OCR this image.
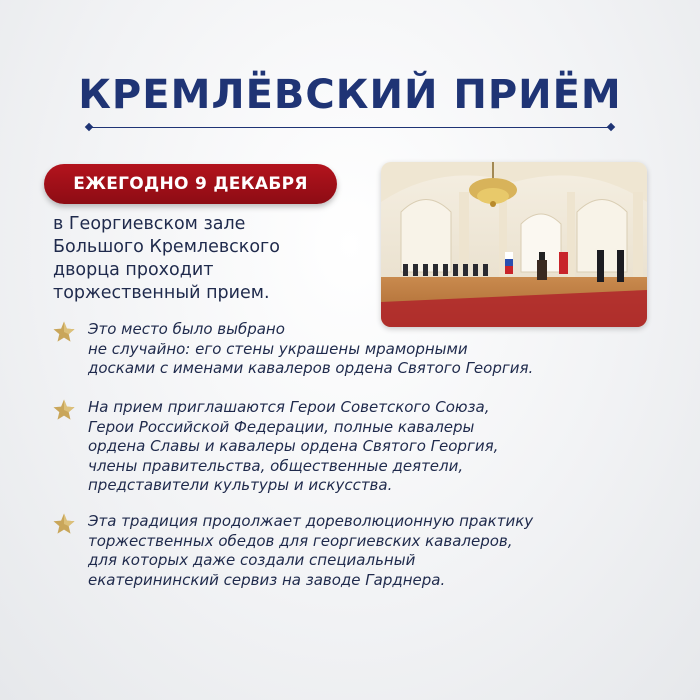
КРЕМЛЁВСКИЙ ПРИЁМ
ЕЖЕГОДНО 9 ДЕКАБРЯ
в Георгиевском зале
Большого Кремлевского
дворца проходит
торжественный прием.
Это место было выбрано
не случайно: его стены украшены мраморными
досками с именами кавалеров ордена Святого Георгия.
На прием приглашаются Герои Советского Союза,
Герои Российской Федерации, полные кавалеры
ордена Славы и кавалеры ордена Святого Георгия,
члены правительства, общественные деятели,
представители культуры и искусства.
Эта традиция продолжает дореволюционную практику
торжественных обедов для георгиевских кавалеров,
для которых даже создали специальный
екатерининский сервиз на заводе Гарднера.
